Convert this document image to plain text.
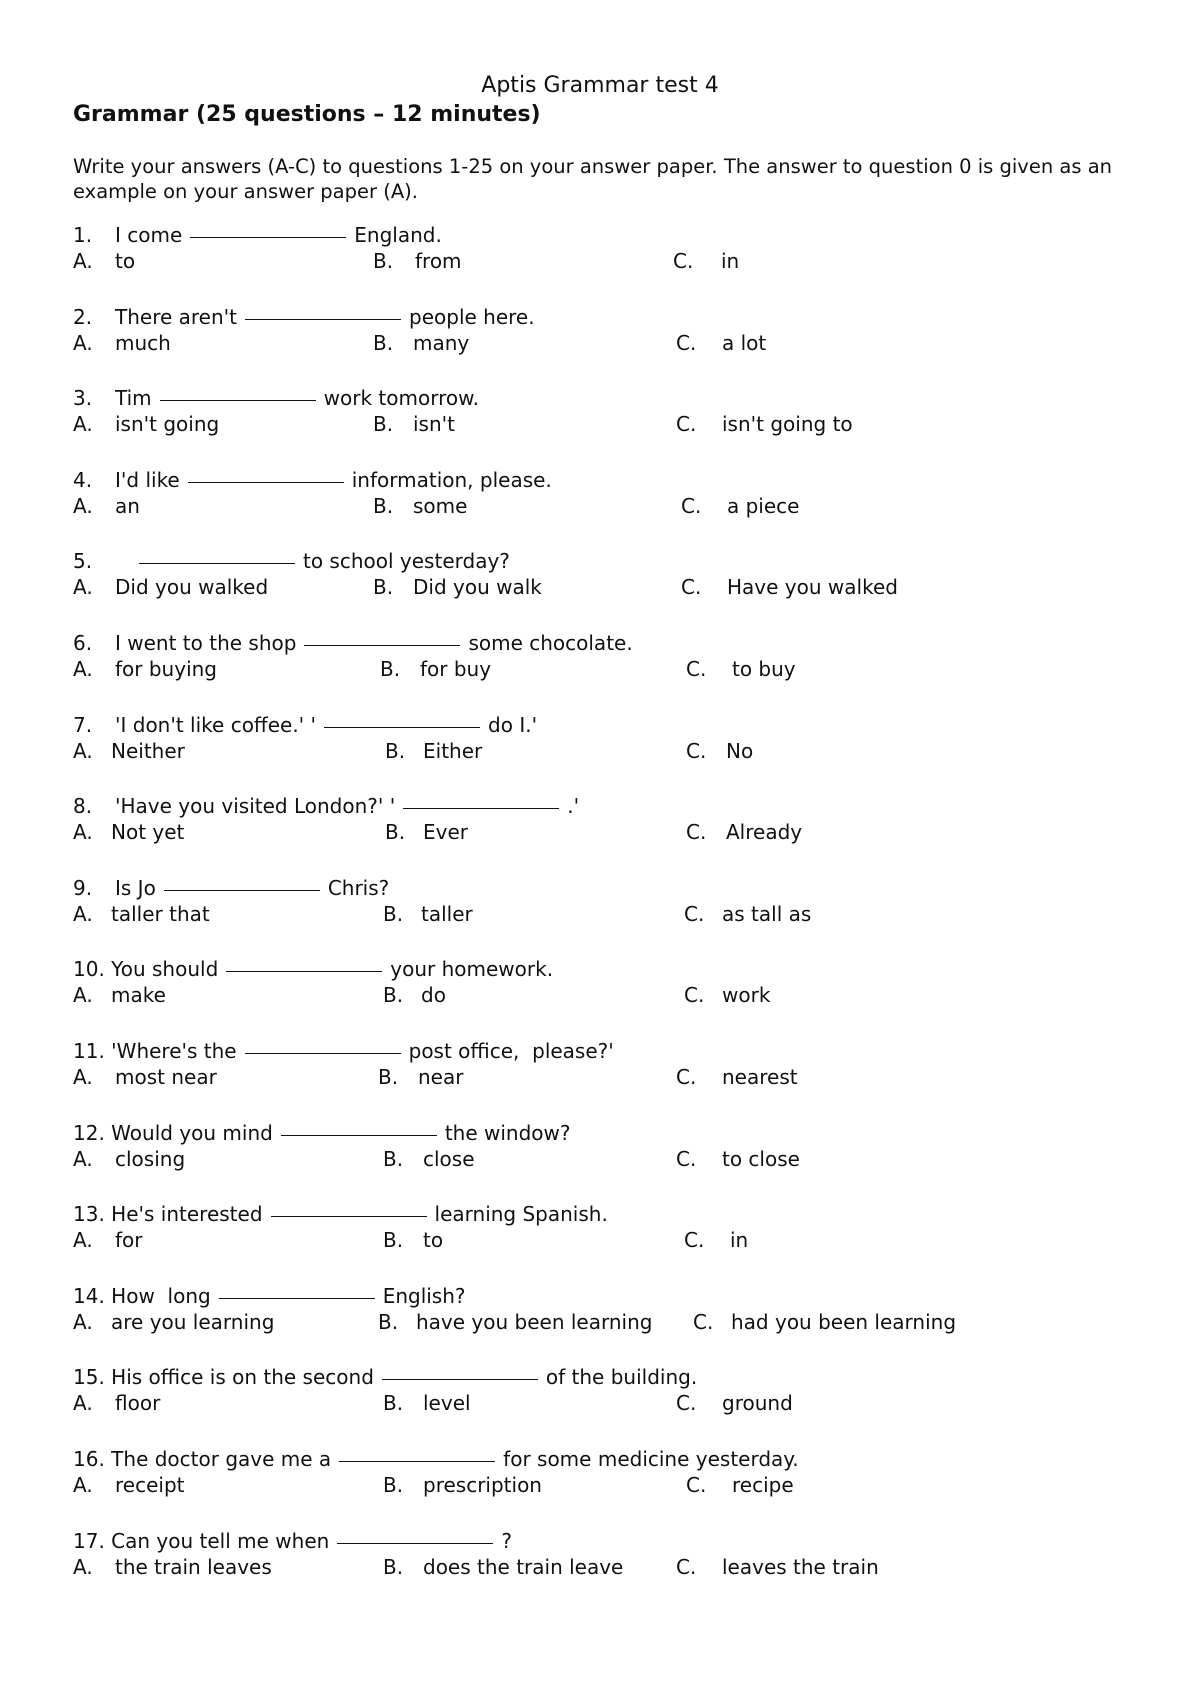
Aptis Grammar test 4
Grammar (25 questions – 12 minutes)
Write your answers (A-C) to questions 1-25 on your answer paper. The answer to question 0 is given as an example on your answer paper (A).
1.	I come	England.
A.	to	B.	from	C.	in
2.	There aren't	people here.
A.	much	B. many	C.	a lot
3.	Tim	work tomorrow.
A.	isn't going	B. isn't	C.	isn't going to
4.	I'd like	information, please.
A.	an	B. some	C.	a piece
5.	to school yesterday?
A.	Did you walked	B. Did you walk	C.	Have you walked
6.	I went to the shop	some chocolate.
A.	for buying	B. for buy	C.	to buy
7.	'I don't like coffee.' '	do I.'
A. Neither	B. Either	C. No
8.	'Have you visited London?' '	.'
A. Not yet	B. Ever	C. Already
9.	Is Jo	Chris?
A. taller that	B. taller	C. as tall as
10.
You should	your homework.
A. make	B. do	C. work
11.
'Where's the	post office,  please?'
A.	most near	B. near	C.	nearest
12.
Would you mind	the window?
A.	closing	B. close	C.	to close
13.
He's interested	learning Spanish.
A.	for	B. to	C.	in
14.
How  long	English?
A. are you learning	B. have you been learning C. had you been learning
15.
His office is on the second	of the building.
A.	floor	B. level	C.	ground
16.
The doctor gave me a	for some medicine yesterday.
A.	receipt	B. prescription	C.	recipe
17.
Can you tell me when	?
A.	the train leaves	B. does the train leave	C.	leaves the train
